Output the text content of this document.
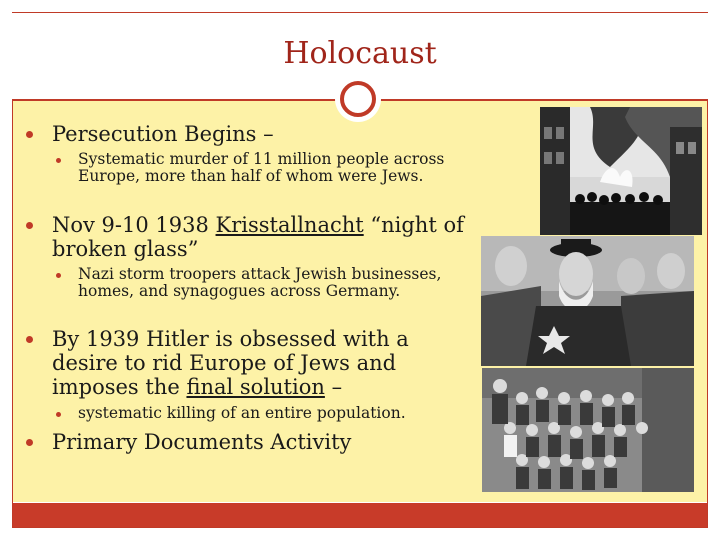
Holocaust
Persecution Begins –
Systematic murder of 11 million people across Europe, more than half of whom were Jews.
Nov 9-10 1938 Krisstallnacht “night of broken glass”
Nazi storm troopers attack Jewish businesses, homes, and synagogues across Germany.
By 1939 Hitler is obsessed with a desire to rid Europe of Jews and imposes the final solution –
systematic killing of an entire population.
Primary Documents Activity
